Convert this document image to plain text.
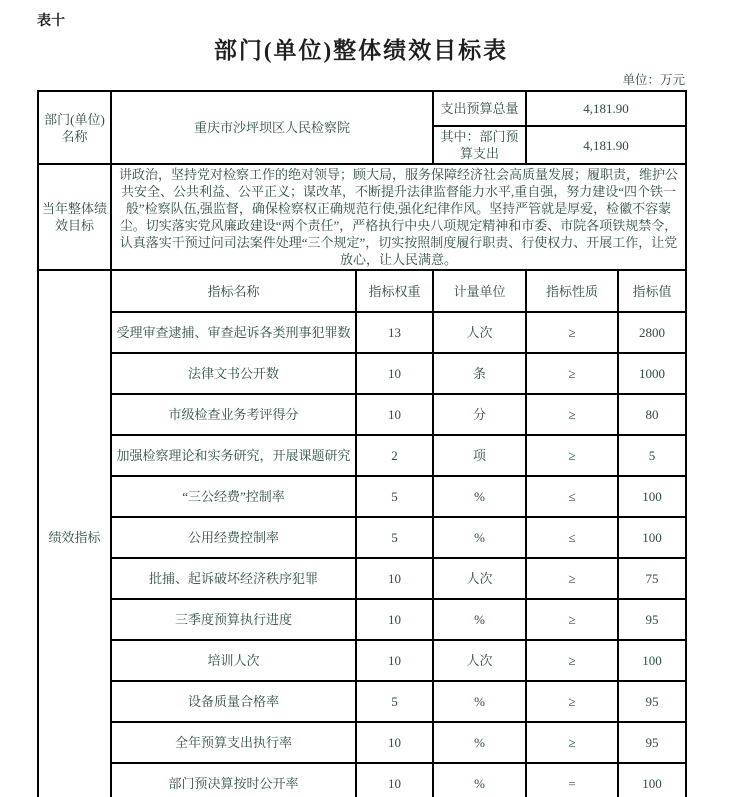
表十
部门(单位)整体绩效目标表
单位：万元
部门(单位)名称	重庆市沙坪坝区人民检察院		支出预算总量	4,181.90	
			其中：部门预算支出	4,181.90	
当年整体绩效目标	讲政治，坚持党对检察工作的绝对领导；顾大局，服务保障经济社会高质量发展；履职责，维护公共安全、公共利益、公平正义；谋改革，不断提升法律监督能力水平,重自强，努力建设“四个铁一般”检察队伍,强监督，确保检察权正确规范行使,强化纪律作风。坚持严管就是厚爱，检徽不容蒙尘。切实落实党风廉政建设“两个责任”，严格执行中央八项规定精神和市委、市院各项铁规禁令，认真落实干预过问司法案件处理“三个规定”，切实按照制度履行职责、行使权力、开展工作，让党放心，让人民满意。				
绩效指标	指标名称	指标权重	计量单位	指标性质	指标值
	受理审查逮捕、审查起诉各类刑事犯罪数	13	人次	≥	2800
	法律文书公开数	10	条	≥	1000
	市级检查业务考评得分	10	分	≥	80
	加强检察理论和实务研究，开展课题研究	2	项	≥	5
	“三公经费”控制率	5	%	≤	100
	公用经费控制率	5	%	≤	100
	批捕、起诉破坏经济秩序犯罪	10	人次	≥	75
	三季度预算执行进度	10	%	≥	95
	培训人次	10	人次	≥	100
	设备质量合格率	5	%	≥	95
	全年预算支出执行率	10	%	≥	95
	部门预决算按时公开率	10	%	=	100
